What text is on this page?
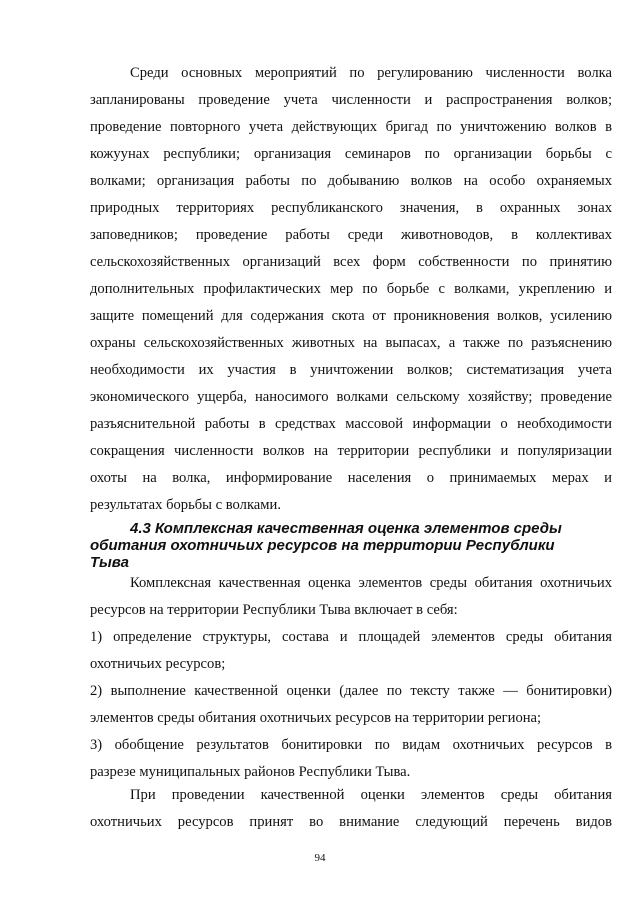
Среди основных мероприятий по регулированию численности волка
запланированы проведение учета численности и распространения волков;
проведение повторного учета действующих бригад по уничтожению волков в
кожуунах республики; организация семинаров по организации борьбы с
волками; организация работы по добыванию волков на особо охраняемых
природных территориях республиканского значения, в охранных зонах
заповедников; проведение работы среди животноводов, в коллективах
сельскохозяйственных организаций всех форм собственности по принятию
дополнительных профилактических мер по борьбе с волками, укреплению и
защите помещений для содержания скота от проникновения волков, усилению
охраны сельскохозяйственных животных на выпасах, а также по разъяснению
необходимости их участия в уничтожении волков; систематизация учета
экономического ущерба, наносимого волками сельскому хозяйству; проведение
разъяснительной работы в средствах массовой информации о необходимости
сокращения численности волков на территории республики и популяризации
охоты на волка, информирование населения о принимаемых мерах и
результатах борьбы с волками.
4.3 Комплексная качественная оценка элементов среды
обитания охотничьих ресурсов на территории Республики
Тыва
Комплексная качественная оценка элементов среды обитания охотничьих
ресурсов на территории Республики Тыва включает в себя:
1) определение структуры, состава и площадей элементов среды обитания
охотничьих ресурсов;
2) выполнение качественной оценки (далее по тексту также — бонитировки)
элементов среды обитания охотничьих ресурсов на территории региона;
3) обобщение результатов бонитировки по видам охотничьих ресурсов в
разрезе муниципальных районов Республики Тыва.
При проведении качественной оценки элементов среды обитания
охотничьих ресурсов принят во внимание следующий перечень видов
94
